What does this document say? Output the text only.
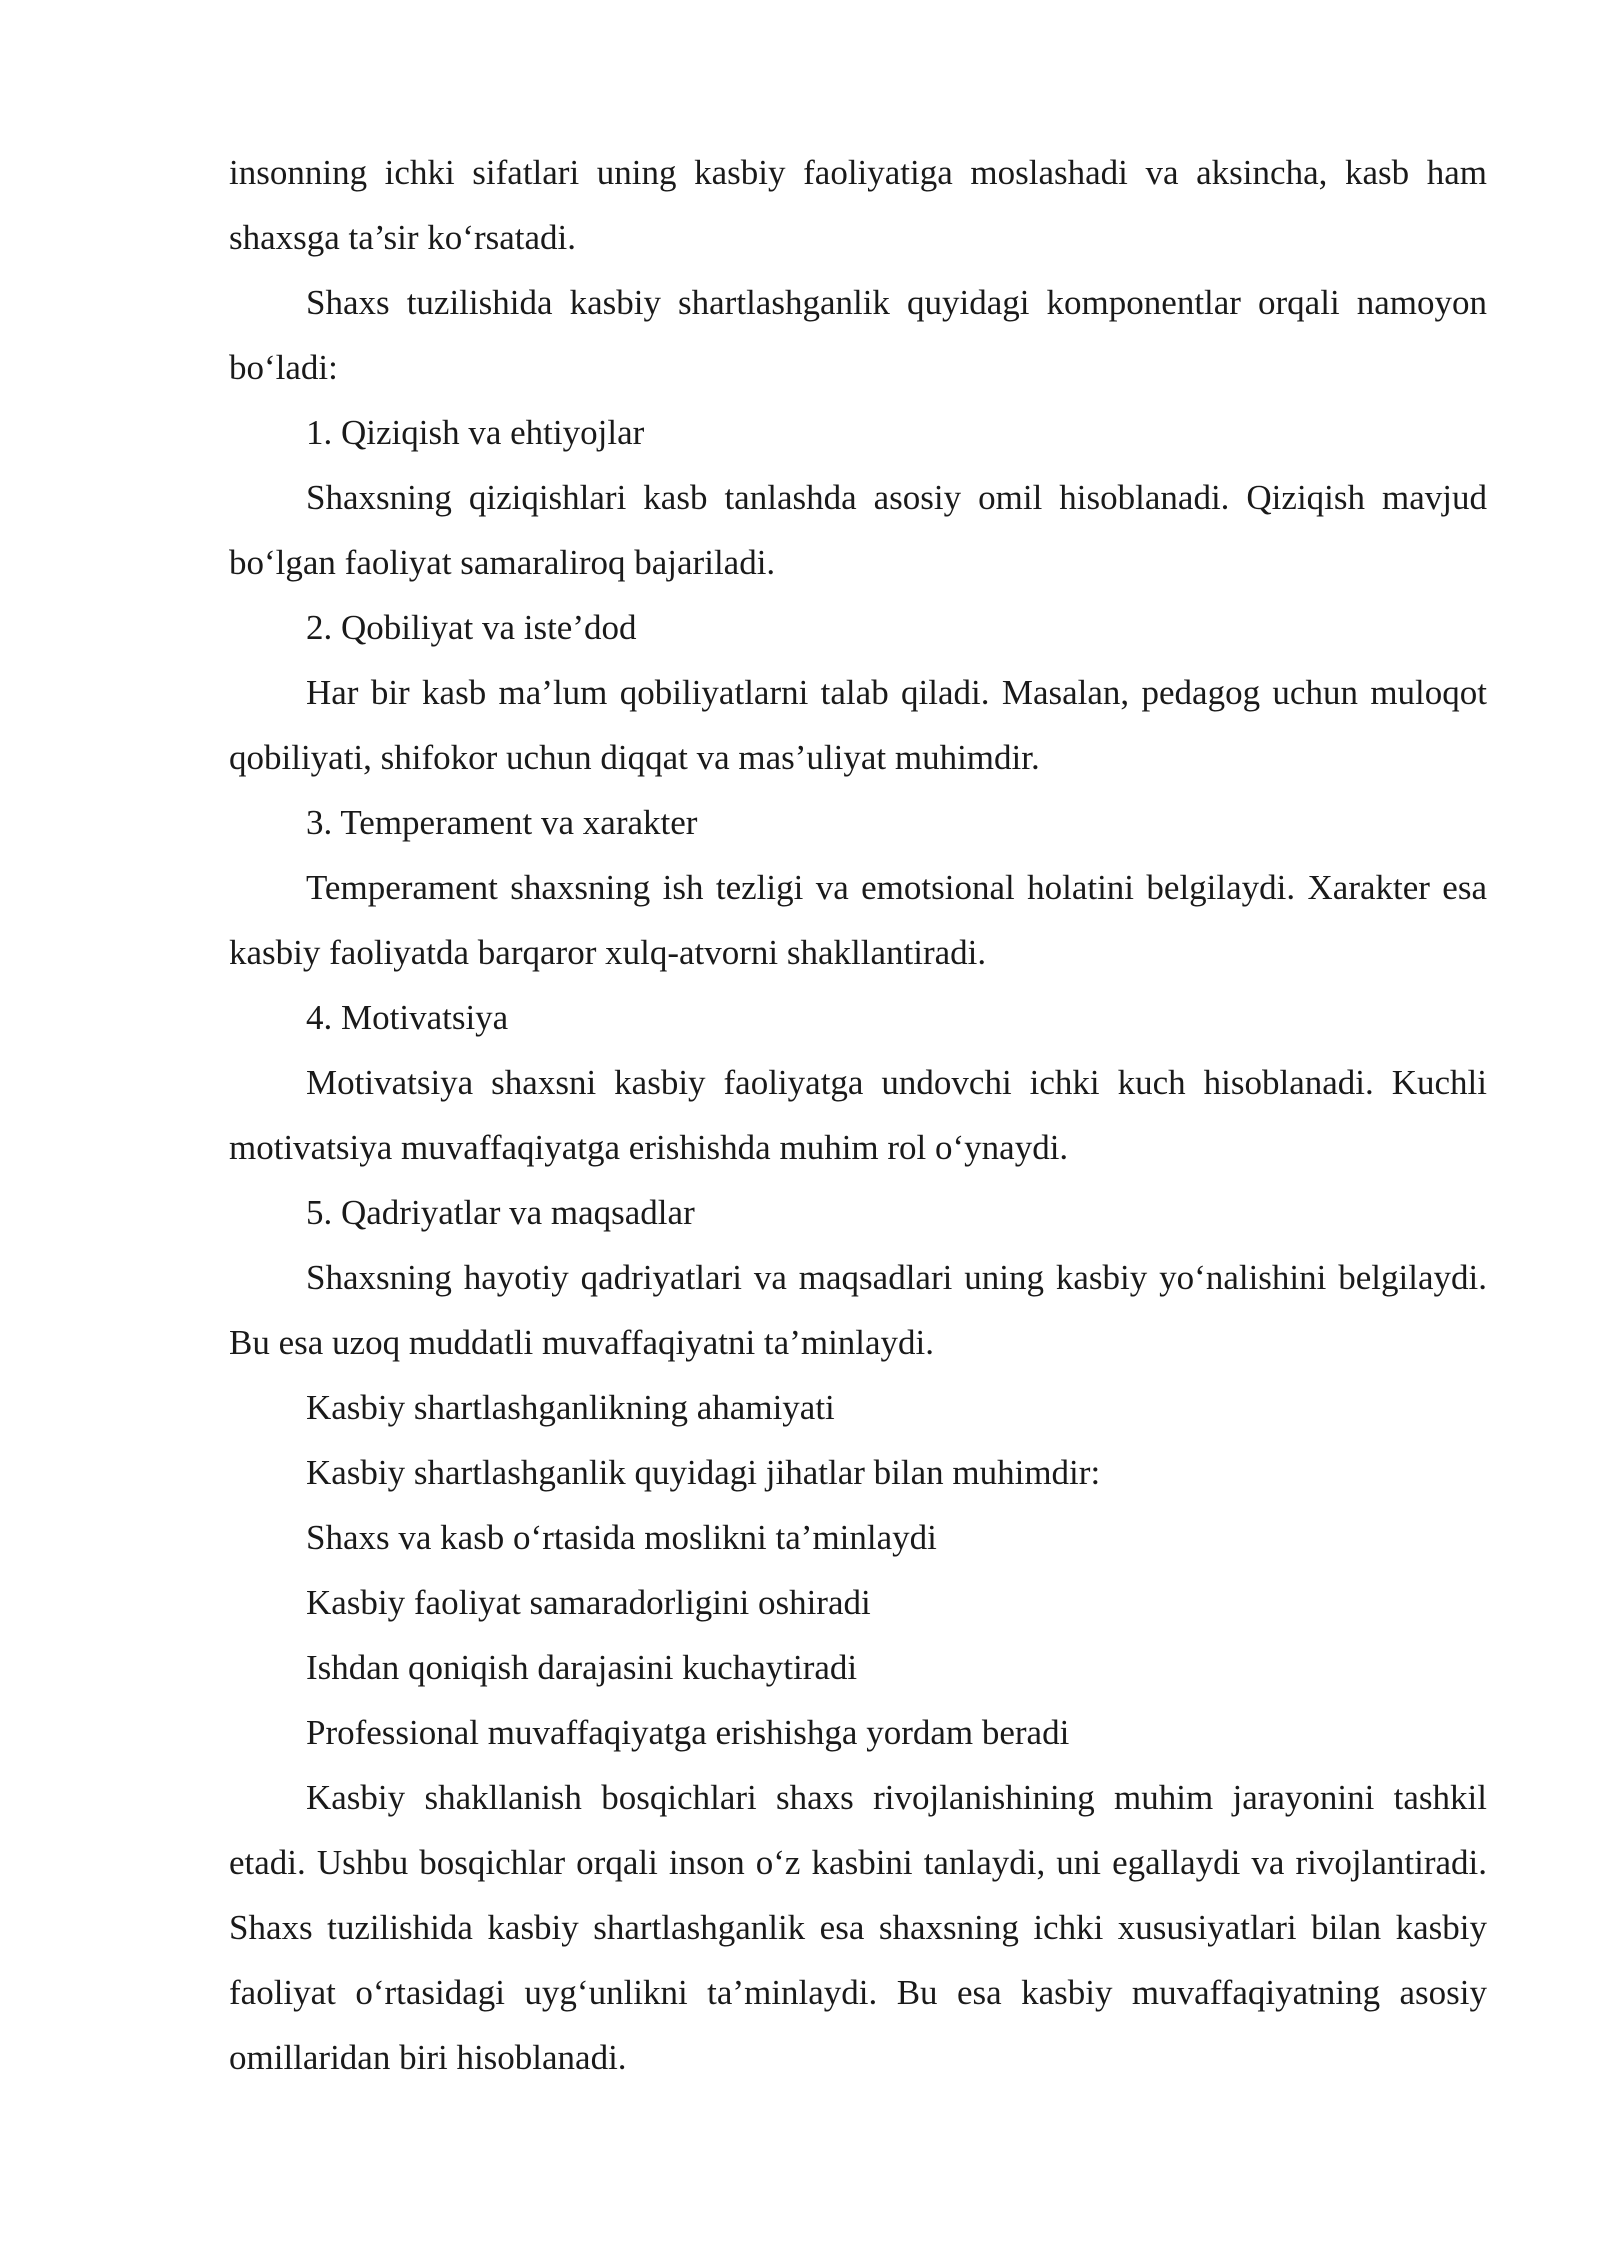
insonning ichki sifatlari uning kasbiy faoliyatiga moslashadi va aksincha, kasb ham shaxsga ta’sir ko‘rsatadi.

Shaxs tuzilishida kasbiy shartlashganlik quyidagi komponentlar orqali namoyon bo‘ladi:

1. Qiziqish va ehtiyojlar

Shaxsning qiziqishlari kasb tanlashda asosiy omil hisoblanadi. Qiziqish mavjud bo‘lgan faoliyat samaraliroq bajariladi.

2. Qobiliyat va iste’dod

Har bir kasb ma’lum qobiliyatlarni talab qiladi. Masalan, pedagog uchun muloqot qobiliyati, shifokor uchun diqqat va mas’uliyat muhimdir.

3. Temperament va xarakter

Temperament shaxsning ish tezligi va emotsional holatini belgilaydi. Xarakter esa kasbiy faoliyatda barqaror xulq-atvorni shakllantiradi.

4. Motivatsiya

Motivatsiya shaxsni kasbiy faoliyatga undovchi ichki kuch hisoblanadi. Kuchli motivatsiya muvaffaqiyatga erishishda muhim rol o‘ynaydi.

5. Qadriyatlar va maqsadlar

Shaxsning hayotiy qadriyatlari va maqsadlari uning kasbiy yo‘nalishini belgilaydi. Bu esa uzoq muddatli muvaffaqiyatni ta’minlaydi.

Kasbiy shartlashganlikning ahamiyati

Kasbiy shartlashganlik quyidagi jihatlar bilan muhimdir:

Shaxs va kasb o‘rtasida moslikni ta’minlaydi

Kasbiy faoliyat samaradorligini oshiradi

Ishdan qoniqish darajasini kuchaytiradi

Professional muvaffaqiyatga erishishga yordam beradi

Kasbiy shakllanish bosqichlari shaxs rivojlanishining muhim jarayonini tashkil etadi. Ushbu bosqichlar orqali inson o‘z kasbini tanlaydi, uni egallaydi va rivojlantiradi. Shaxs tuzilishida kasbiy shartlashganlik esa shaxsning ichki xususiyatlari bilan kasbiy faoliyat o‘rtasidagi uyg‘unlikni ta’minlaydi. Bu esa kasbiy muvaffaqiyatning asosiy omillaridan biri hisoblanadi.
